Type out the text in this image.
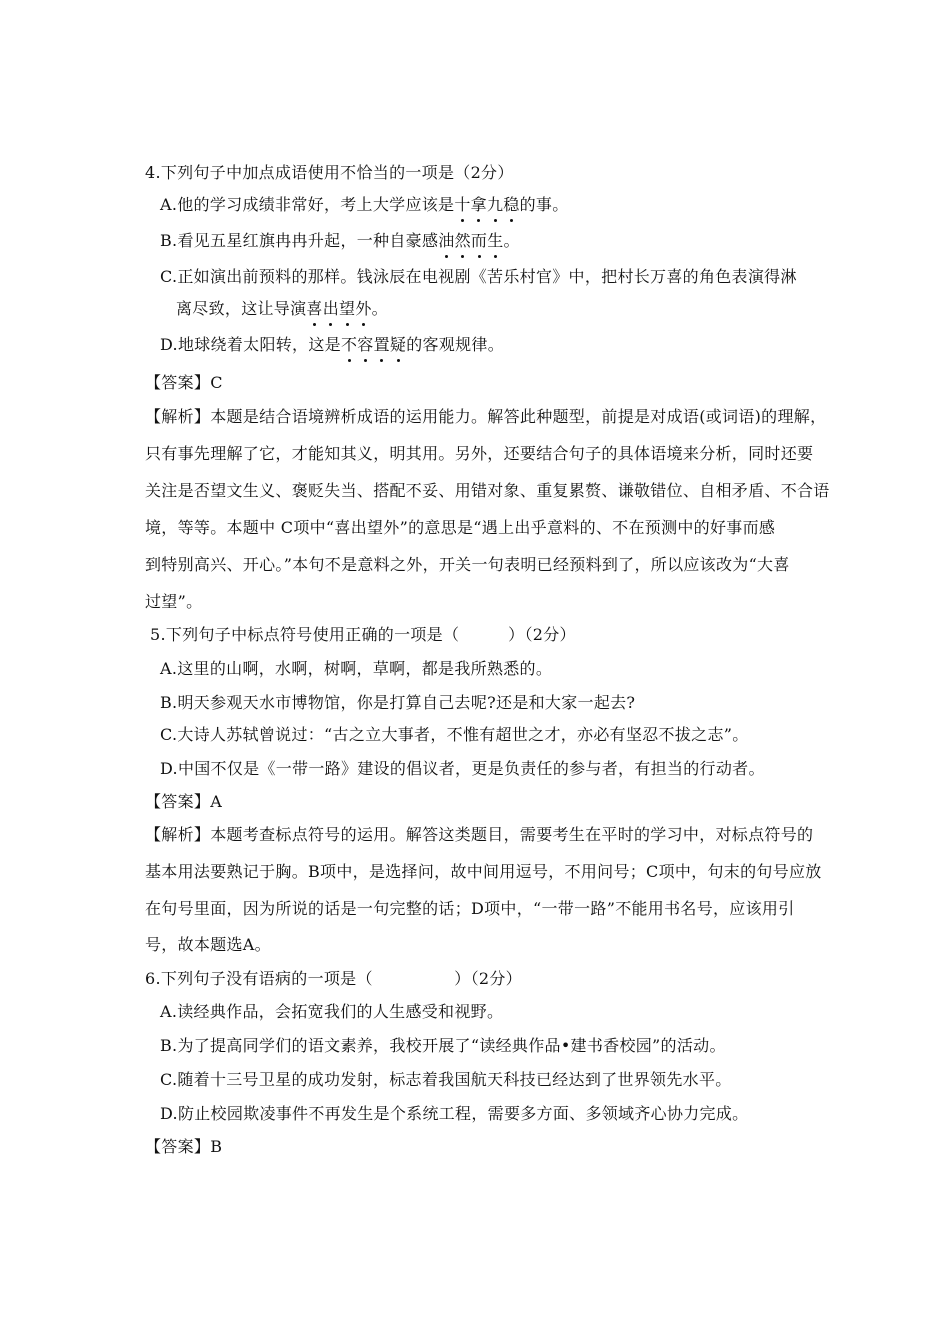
4.下列句子中加点成语使用不恰当的一项是（2分）
A.他的学习成绩非常好，考上大学应该是十拿九稳的事。
B.看见五星红旗冉冉升起，一种自豪感油然而生。
C.正如演出前预料的那样。钱泳辰在电视剧《苦乐村官》中，把村长万喜的角色表演得淋
离尽致，这让导演喜出望外。
D.地球绕着太阳转，这是不容置疑的客观规律。
【答案】C
【解析】本题是结合语境辨析成语的运用能力。解答此种题型，前提是对成语(或词语)的理解，
只有事先理解了它，才能知其义，明其用。另外，还要结合句子的具体语境来分析，同时还要
关注是否望文生义、褒贬失当、搭配不妥、用错对象、重复累赘、谦敬错位、自相矛盾、不合语
境，等等。本题中 C项中“喜出望外”的意思是“遇上出乎意料的、不在预测中的好事而感
到特别高兴、开心。”本句不是意料之外，开关一句表明已经预料到了，所以应该改为“大喜
过望”。
5.下列句子中标点符号使用正确的一项是（　　　）（2分）
A.这里的山啊，水啊，树啊，草啊，都是我所熟悉的。
B.明天参观天水市博物馆，你是打算自己去呢?还是和大家一起去?
C.大诗人苏轼曾说过：“古之立大事者，不惟有超世之才，亦必有坚忍不拔之志”。
D.中国不仅是《一带一路》建设的倡议者，更是负责任的参与者，有担当的行动者。
【答案】A
【解析】本题考查标点符号的运用。解答这类题目，需要考生在平时的学习中，对标点符号的
基本用法要熟记于胸。B项中，是选择问，故中间用逗号，不用问号；C项中，句末的句号应放
在句号里面，因为所说的话是一句完整的话；D项中，“一带一路”不能用书名号，应该用引
号，故本题选A。
6.下列句子没有语病的一项是（　　　　　）（2分）
A.读经典作品，会拓宽我们的人生感受和视野。
B.为了提高同学们的语文素养，我校开展了“读经典作品•建书香校园”的活动。
C.随着十三号卫星的成功发射，标志着我国航天科技已经达到了世界领先水平。
D.防止校园欺凌事件不再发生是个系统工程，需要多方面、多领域齐心协力完成。
【答案】B
